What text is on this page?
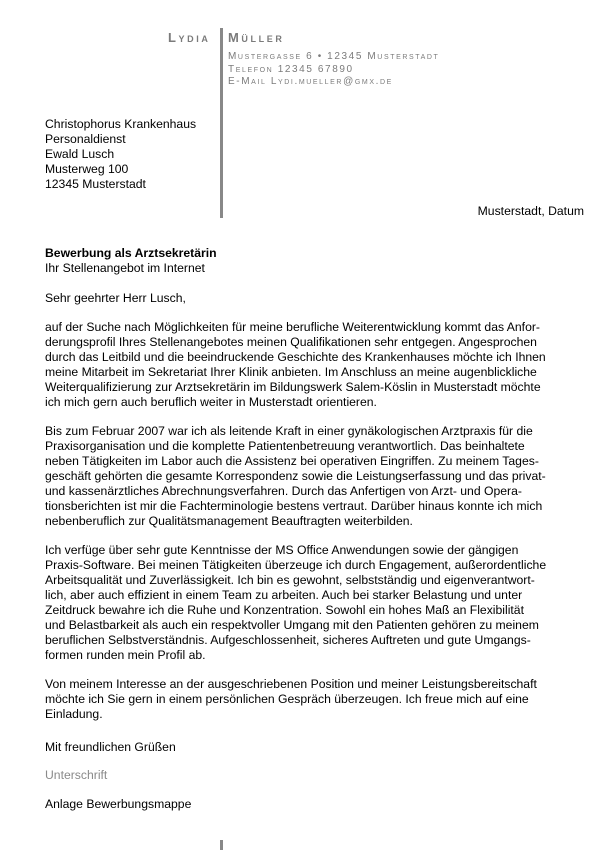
Lydia Müller
Mustergasse 6 • 12345 Musterstadt
Telefon 12345 67890
E-Mail Lydi.mueller@gmx.de
Christophorus Krankenhaus
Personaldienst
Ewald Lusch
Musterweg 100
12345 Musterstadt
Musterstadt, Datum
Bewerbung als Arztsekretärin
Ihr Stellenangebot im Internet
Sehr geehrter Herr Lusch,

auf der Suche nach Möglichkeiten für meine berufliche Weiterentwicklung kommt das Anfor-
derungsprofil Ihres Stellenangebotes meinen Qualifikationen sehr entgegen. Angesprochen
durch das Leitbild und die beeindruckende Geschichte des Krankenhauses möchte ich Ihnen
meine Mitarbeit im Sekretariat Ihrer Klinik anbieten. Im Anschluss an meine augenblickliche
Weiterqualifizierung zur Arztsekretärin im Bildungswerk Salem-Köslin in Musterstadt möchte
ich mich gern auch beruflich weiter in Musterstadt orientieren.

Bis zum Februar 2007 war ich als leitende Kraft in einer gynäkologischen Arztpraxis für die
Praxisorganisation und die komplette Patientenbetreuung verantwortlich. Das beinhaltete
neben Tätigkeiten im Labor auch die Assistenz bei operativen Eingriffen. Zu meinem Tages-
geschäft gehörten die gesamte Korrespondenz sowie die Leistungserfassung und das privat-
und kassenärztliches Abrechnungsverfahren. Durch das Anfertigen von Arzt- und Opera-
tionsberichten ist mir die Fachterminologie bestens vertraut. Darüber hinaus konnte ich mich
nebenberuflich zur Qualitätsmanagement Beauftragten weiterbilden.

Ich verfüge über sehr gute Kenntnisse der MS Office Anwendungen sowie der gängigen
Praxis-Software. Bei meinen Tätigkeiten überzeuge ich durch Engagement, außerordentliche
Arbeitsqualität und Zuverlässigkeit. Ich bin es gewohnt, selbstständig und eigenverantwort-
lich, aber auch effizient in einem Team zu arbeiten. Auch bei starker Belastung und unter
Zeitdruck bewahre ich die Ruhe und Konzentration. Sowohl ein hohes Maß an Flexibilität
und Belastbarkeit als auch ein respektvoller Umgang mit den Patienten gehören zu meinem
beruflichen Selbstverständnis. Aufgeschlossenheit, sicheres Auftreten und gute Umgangs-
formen runden mein Profil ab.

Von meinem Interesse an der ausgeschriebenen Position und meiner Leistungsbereitschaft
möchte ich Sie gern in einem persönlichen Gespräch überzeugen. Ich freue mich auf eine
Einladung.

Mit freundlichen Grüßen
Unterschrift
Anlage Bewerbungsmappe
